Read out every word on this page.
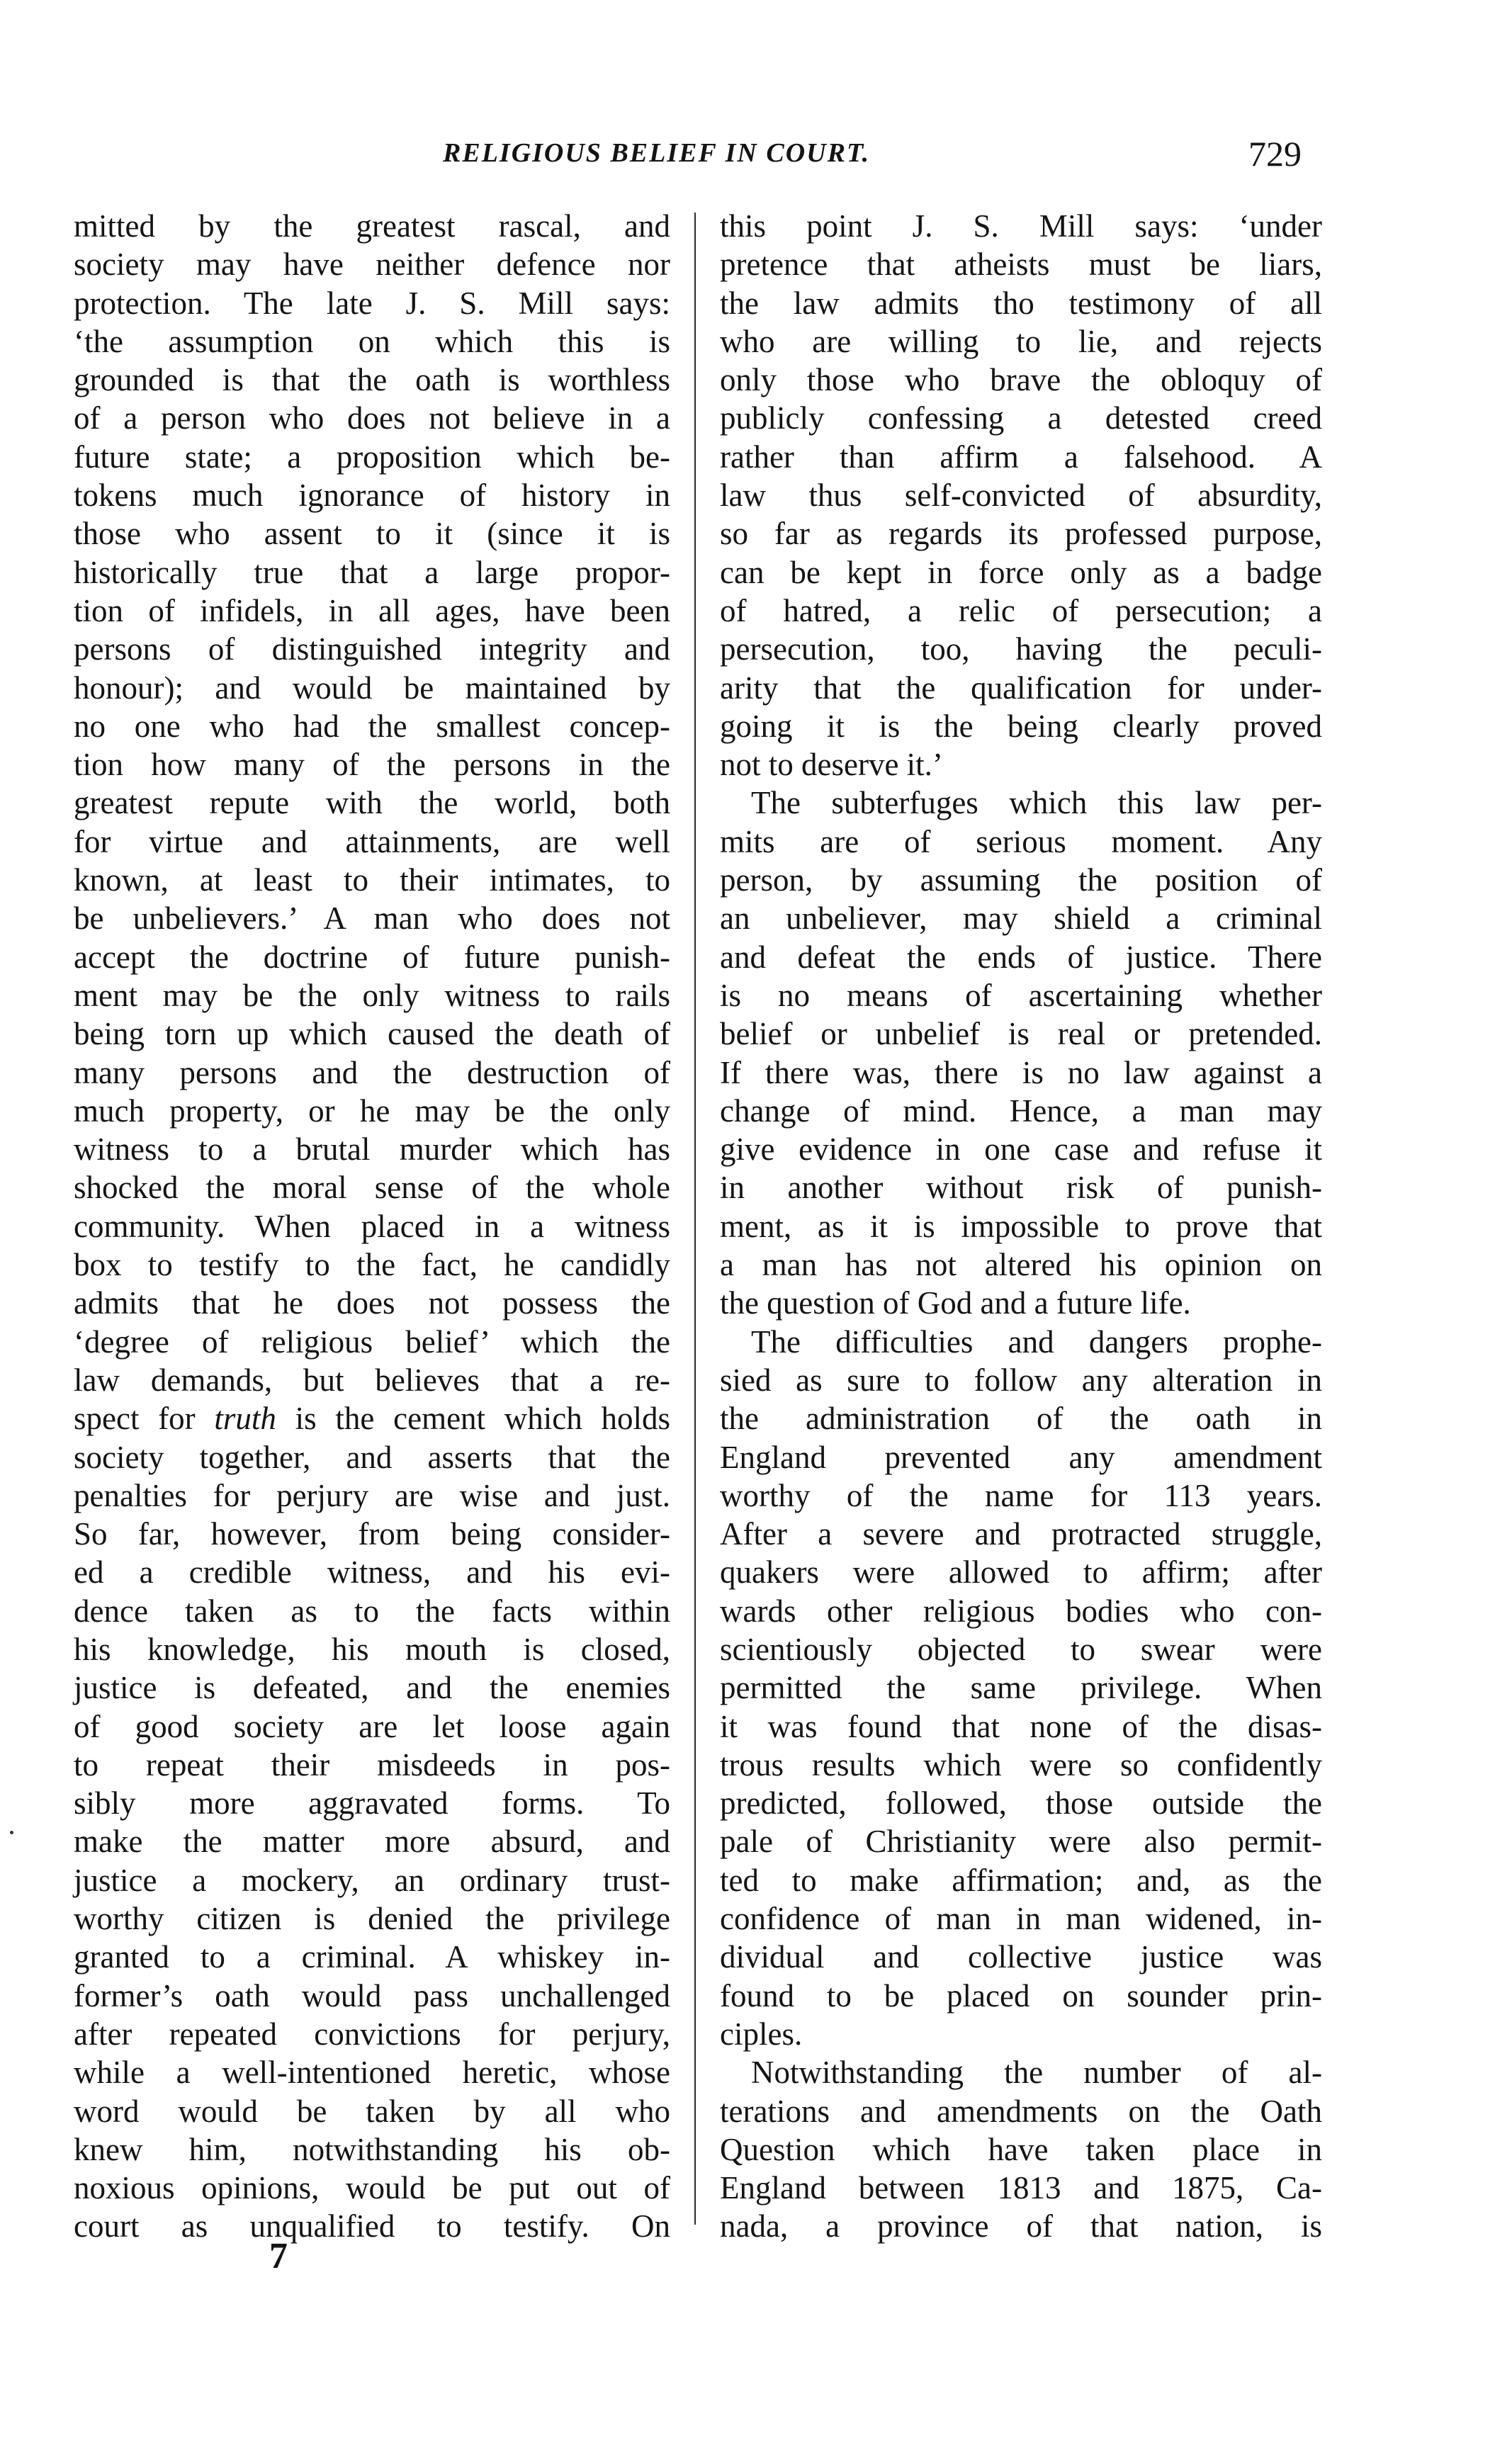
RELIGIOUS BELIEF IN COURT.	729
mitted by the greatest rascal, and
society may have neither defence nor
protection. The late J. S. Mill says:
‘the assumption on which this is
grounded is that the oath is worthless
of a person who does not believe in a
future state; a proposition which be-
tokens much ignorance of history in
those who assent to it (since it is
historically true that a large propor-
tion of infidels, in all ages, have been
persons of distinguished integrity and
honour); and would be maintained by
no one who had the smallest concep-
tion how many of the persons in the
greatest repute with the world, both
for virtue and attainments, are well
known, at least to their intimates, to
be unbelievers.’ A man who does not
accept the doctrine of future punish-
ment may be the only witness to rails
being torn up which caused the death of
many persons and the destruction of
much property, or he may be the only
witness to a brutal murder which has
shocked the moral sense of the whole
community. When placed in a witness
box to testify to the fact, he candidly
admits that he does not possess the
‘degree of religious belief’ which the
law demands, but believes that a re-
spect for truth is the cement which holds
society together, and asserts that the
penalties for perjury are wise and just.
So far, however, from being consider-
ed a credible witness, and his evi-
dence taken as to the facts within
his knowledge, his mouth is closed,
justice is defeated, and the enemies
of good society are let loose again
to repeat their misdeeds in pos-
sibly more aggravated forms. To
make the matter more absurd, and
justice a mockery, an ordinary trust-
worthy citizen is denied the privilege
granted to a criminal. A whiskey in-
former’s oath would pass unchallenged
after repeated convictions for perjury,
while a well-intentioned heretic, whose
word would be taken by all who
knew him, notwithstanding his ob-
noxious opinions, would be put out of
court as unqualified to testify. On
this point J. S. Mill says: ‘under
pretence that atheists must be liars,
the law admits tho testimony of all
who are willing to lie, and rejects
only those who brave the obloquy of
publicly confessing a detested creed
rather than affirm a falsehood. A
law thus self-convicted of absurdity,
so far as regards its professed purpose,
can be kept in force only as a badge
of hatred, a relic of persecution; a
persecution, too, having the peculi-
arity that the qualification for under-
going it is the being clearly proved
not to deserve it.’
The subterfuges which this law per-
mits are of serious moment. Any
person, by assuming the position of
an unbeliever, may shield a criminal
and defeat the ends of justice. There
is no means of ascertaining whether
belief or unbelief is real or pretended.
If there was, there is no law against a
change of mind. Hence, a man may
give evidence in one case and refuse it
in another without risk of punish-
ment, as it is impossible to prove that
a man has not altered his opinion on
the question of God and a future life.
The difficulties and dangers prophe-
sied as sure to follow any alteration in
the administration of the oath in
England prevented any amendment
worthy of the name for 113 years.
After a severe and protracted struggle,
quakers were allowed to affirm; after
wards other religious bodies who con-
scientiously objected to swear were
permitted the same privilege. When
it was found that none of the disas-
trous results which were so confidently
predicted, followed, those outside the
pale of Christianity were also permit-
ted to make affirmation; and, as the
confidence of man in man widened, in-
dividual and collective justice was
found to be placed on sounder prin-
ciples.
Notwithstanding the number of al-
terations and amendments on the Oath
Question which have taken place in
England between 1813 and 1875, Ca-
nada, a province of that nation, is
7
